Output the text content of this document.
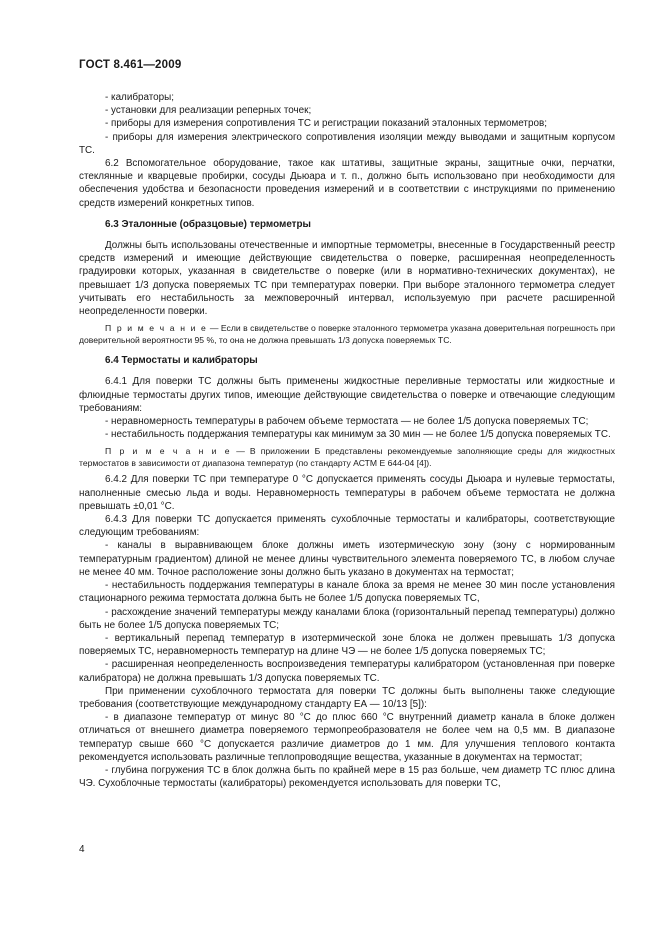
ГОСТ 8.461—2009

- калибраторы;

- установки для реализации реперных точек;

- приборы для измерения сопротивления ТС и регистрации показаний эталонных термометров;

- приборы для измерения электрического сопротивления изоляции между выводами и защитным корпусом ТС.

6.2 Вспомогательное оборудование, такое как штативы, защитные экраны, защитные очки, перчатки, стеклянные и кварцевые пробирки, сосуды Дьюара и т. п., должно быть использовано при необходимости для обеспечения удобства и безопасности проведения измерений и в соответствии с инструкциями по применению средств измерений конкретных типов.

6.3 Эталонные (образцовые) термометры

Должны быть использованы отечественные и импортные термометры, внесенные в Государственный реестр средств измерений и имеющие действующие свидетельства о поверке, расширенная неопределенность градуировки которых, указанная в свидетельстве о поверке (или в нормативно-технических документах), не превышает 1/3 допуска поверяемых ТС при температурах поверки. При выборе эталонного термометра следует учитывать его нестабильность за межповерочный интервал, используемую при расчете расширенной неопределенности поверки.

П р и м е ч а н и е — Если в свидетельстве о поверке эталонного термометра указана доверительная погрешность при доверительной вероятности 95 %, то она не должна превышать 1/3 допуска поверяемых ТС.

6.4 Термостаты и калибраторы

6.4.1 Для поверки ТС должны быть применены жидкостные переливные термостаты или жидкостные и флюидные термостаты других типов, имеющие действующие свидетельства о поверке и отвечающие следующим требованиям:

- неравномерность температуры в рабочем объеме термостата — не более 1/5 допуска поверяемых ТС;

- нестабильность поддержания температуры как минимум за 30 мин — не более 1/5 допуска поверяемых ТС.

П р и м е ч а н и е — В приложении Б представлены рекомендуемые заполняющие среды для жидкостных термостатов в зависимости от диапазона температур (по стандарту АСТМ Е 644-04 [4]).

6.4.2 Для поверки ТС при температуре 0 °С допускается применять сосуды Дьюара и нулевые термостаты, наполненные смесью льда и воды. Неравномерность температуры в рабочем объеме термостата не должна превышать ±0,01 °С.

6.4.3 Для поверки ТС допускается применять сухоблочные термостаты и калибраторы, соответствующие следующим требованиям:

- каналы в выравнивающем блоке должны иметь изотермическую зону (зону с нормированным температурным градиентом) длиной не менее длины чувствительного элемента поверяемого ТС, в любом случае не менее 40 мм. Точное расположение зоны должно быть указано в документах на термостат;

- нестабильность поддержания температуры в канале блока за время не менее 30 мин после установления стационарного режима термостата должна быть не более 1/5 допуска поверяемых ТС,

- расхождение значений температуры между каналами блока (горизонтальный перепад температуры) должно быть не более 1/5 допуска поверяемых ТС;

- вертикальный перепад температур в изотермической зоне блока не должен превышать 1/3 допуска поверяемых ТС, неравномерность температур на длине ЧЭ — не более 1/5 допуска поверяемых ТС;

- расширенная неопределенность воспроизведения температуры калибратором (установленная при поверке калибратора) не должна превышать 1/3 допуска поверяемых ТС.

При применении сухоблочного термостата для поверки ТС должны быть выполнены также следующие требования (соответствующие международному стандарту ЕА — 10/13 [5]):

- в диапазоне температур от минус 80 °С до плюс 660 °С внутренний диаметр канала в блоке должен отличаться от внешнего диаметра поверяемого термопреобразователя не более чем на 0,5 мм. В диапазоне температур свыше 660 °С допускается различие диаметров до 1 мм. Для улучшения теплового контакта рекомендуется использовать различные теплопроводящие вещества, указанные в документах на термостат;

- глубина погружения ТС в блок должна быть по крайней мере в 15 раз больше, чем диаметр ТС плюс длина ЧЭ. Сухоблочные термостаты (калибраторы) рекомендуется использовать для поверки ТС,

4
